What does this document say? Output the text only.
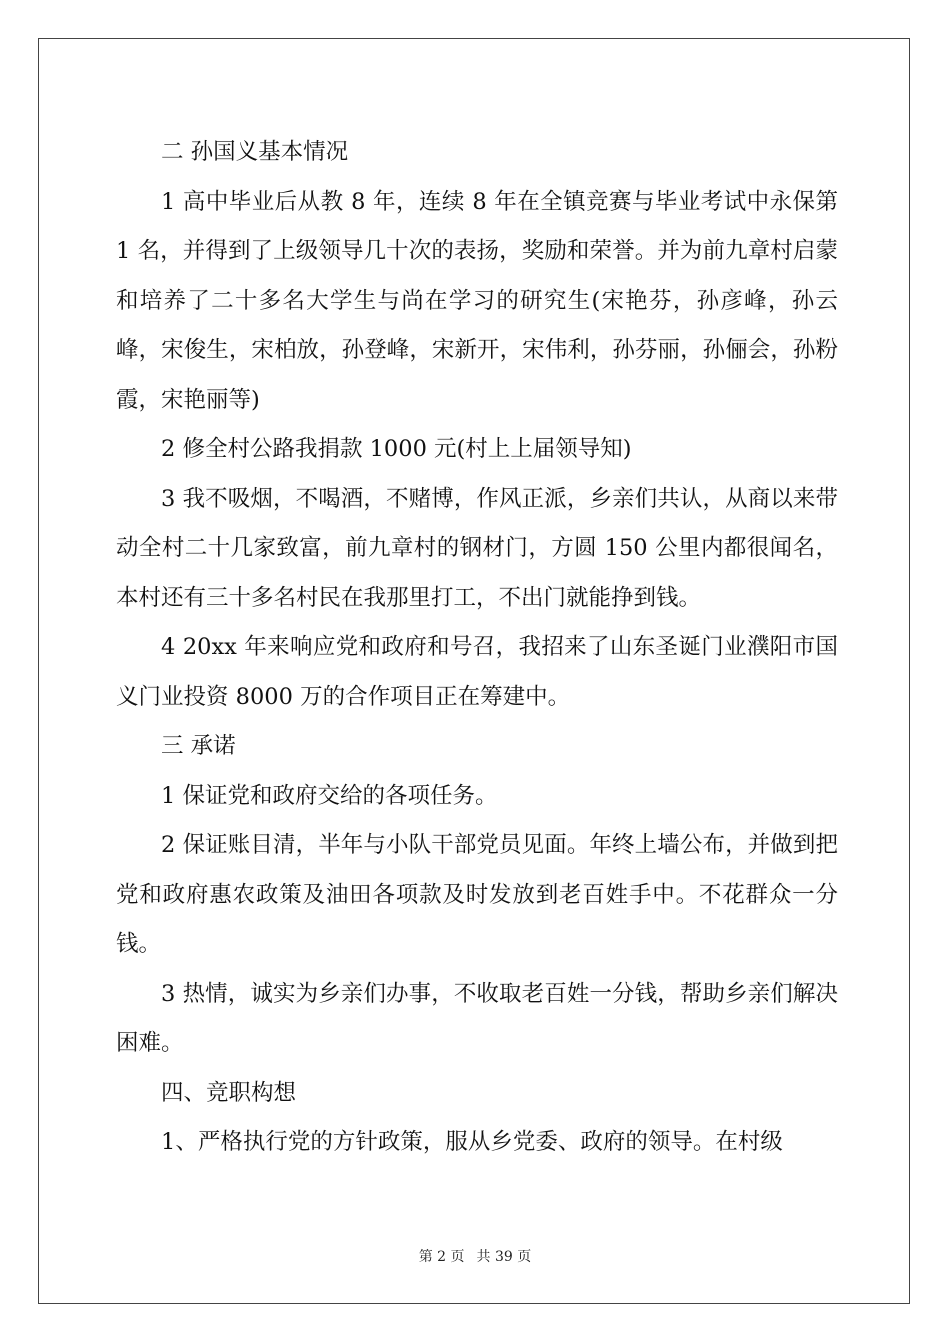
二 孙国义基本情况

1 高中毕业后从教 8 年，连续 8 年在全镇竞赛与毕业考试中永保第 1 名，并得到了上级领导几十次的表扬，奖励和荣誉。并为前九章村启蒙和培养了二十多名大学生与尚在学习的研究生(宋艳芬，孙彦峰，孙云峰，宋俊生，宋柏放，孙登峰，宋新开，宋伟利，孙芬丽，孙俪会，孙粉霞，宋艳丽等)

2 修全村公路我捐款 1000 元(村上上届领导知)

3 我不吸烟，不喝酒，不赌博，作风正派，乡亲们共认，从商以来带动全村二十几家致富，前九章村的钢材门，方圆 150 公里内都很闻名，本村还有三十多名村民在我那里打工，不出门就能挣到钱。

4 20xx 年来响应党和政府和号召，我招来了山东圣诞门业濮阳市国义门业投资 8000 万的合作项目正在筹建中。

三 承诺

1 保证党和政府交给的各项任务。

2 保证账目清，半年与小队干部党员见面。年终上墙公布，并做到把党和政府惠农政策及油田各项款及时发放到老百姓手中。不花群众一分钱。

3 热情，诚实为乡亲们办事，不收取老百姓一分钱，帮助乡亲们解决困难。

四、竞职构想

1、严格执行党的方针政策，服从乡党委、政府的领导。在村级

第 2 页 共 39 页
